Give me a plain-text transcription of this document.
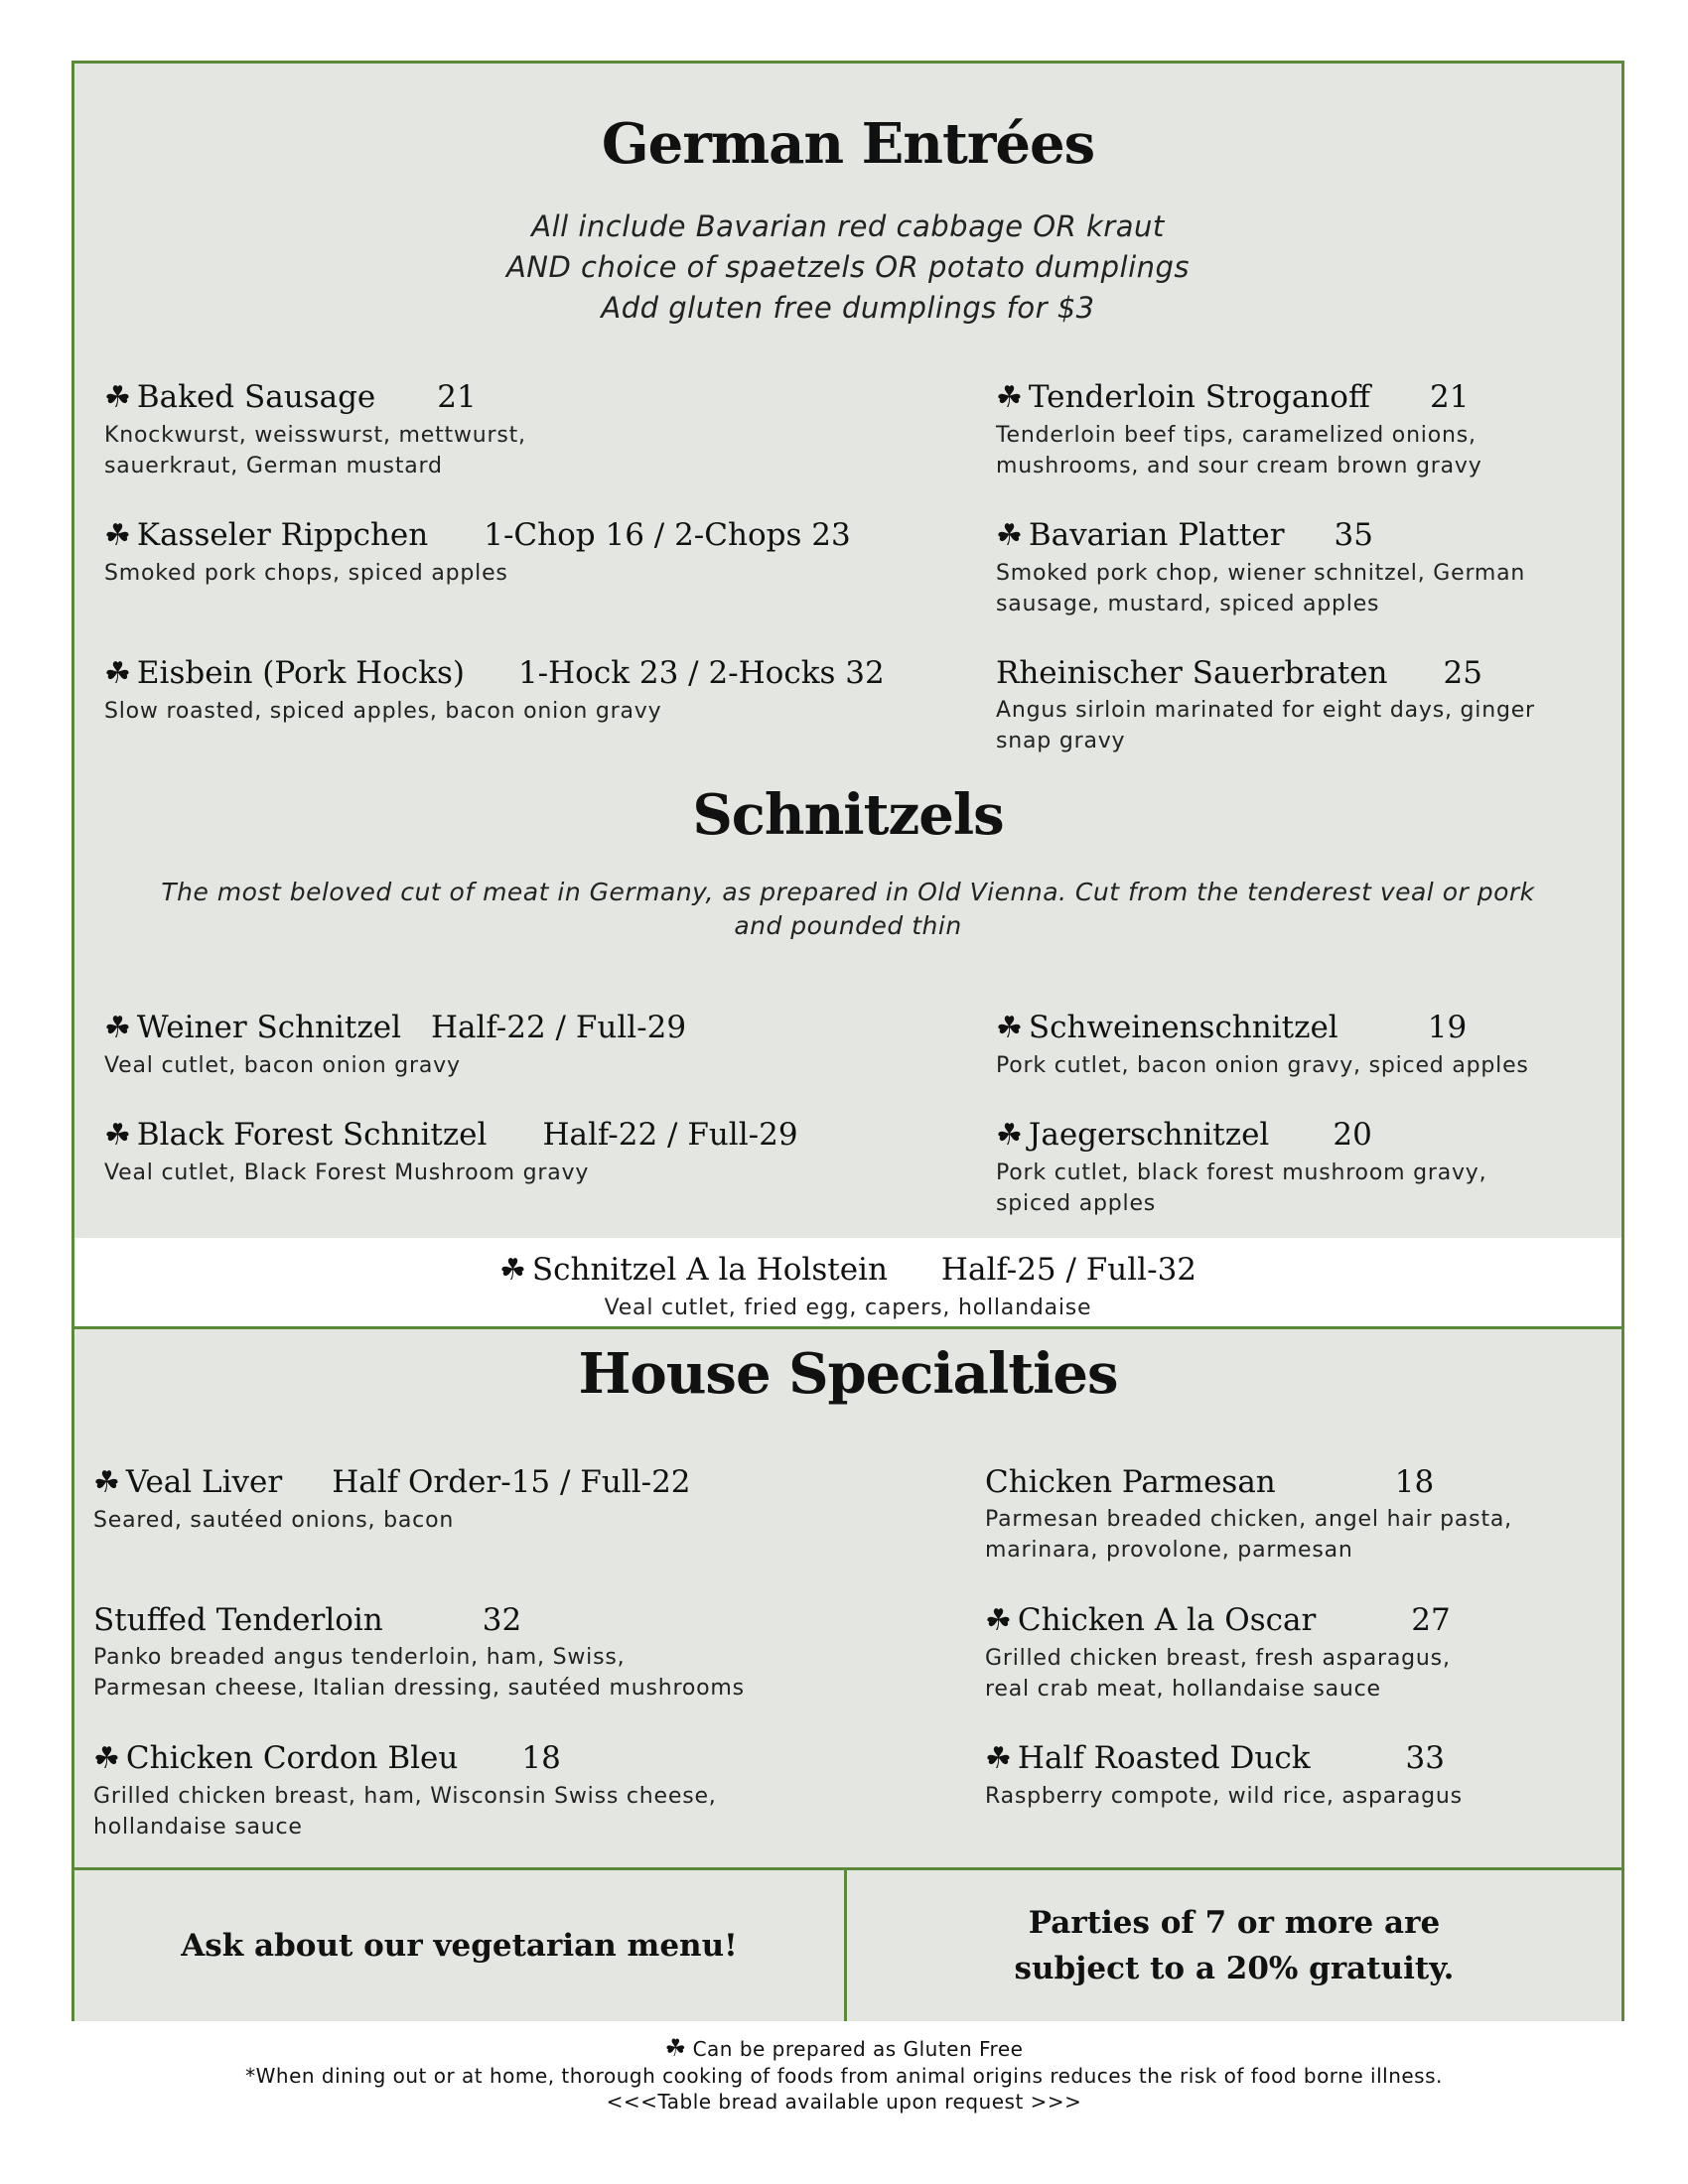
German Entrées
All include Bavarian red cabbage OR kraut
AND choice of spaetzels OR potato dumplings
Add gluten free dumplings for $3
☘ Baked Sausage 21
Knockwurst, weisswurst, mettwurst,
sauerkraut, German mustard
☘ Tenderloin Stroganoff 21
Tenderloin beef tips, caramelized onions,
mushrooms, and sour cream brown gravy
☘ Kasseler Rippchen 1-Chop 16 / 2-Chops 23
Smoked pork chops, spiced apples
☘ Bavarian Platter 35
Smoked pork chop, wiener schnitzel, German
sausage, mustard, spiced apples
☘ Eisbein (Pork Hocks) 1-Hock 23 / 2-Hocks 32
Slow roasted, spiced apples, bacon onion gravy
Rheinischer Sauerbraten 25
Angus sirloin marinated for eight days, ginger
snap gravy
Schnitzels
The most beloved cut of meat in Germany, as prepared in Old Vienna. Cut from the tenderest veal or pork
and pounded thin
☘ Weiner Schnitzel Half-22 / Full-29
Veal cutlet, bacon onion gravy
☘ Schweinenschnitzel	19
Pork cutlet, bacon onion gravy, spiced apples
☘ Black Forest Schnitzel Half-22 / Full-29
Veal cutlet, Black Forest Mushroom gravy
☘ Jaegerschnitzel 20
Pork cutlet, black forest mushroom gravy,
spiced apples
☘ Schnitzel A la Holstein Half-25 / Full-32
Veal cutlet, fried egg, capers, hollandaise
House Specialties
☘ Veal Liver Half Order-15 / Full-22
Seared, sautéed onions, bacon
Chicken Parmesan	18
Parmesan breaded chicken, angel hair pasta,
marinara, provolone, parmesan
Stuffed Tenderloin	32
Panko breaded angus tenderloin, ham, Swiss,
Parmesan cheese, Italian dressing, sautéed mushrooms
☘ Chicken A la Oscar	27
Grilled chicken breast, fresh asparagus,
real crab meat, hollandaise sauce
☘ Chicken Cordon Bleu 18
Grilled chicken breast, ham, Wisconsin Swiss cheese,
hollandaise sauce
☘ Half Roasted Duck	33
Raspberry compote, wild rice, asparagus
Ask about our vegetarian menu!
Parties of 7 or more are
subject to a 20% gratuity.
☘ Can be prepared as Gluten Free
*When dining out or at home, thorough cooking of foods from animal origins reduces the risk of food borne illness.
<<<Table bread available upon request >>>
